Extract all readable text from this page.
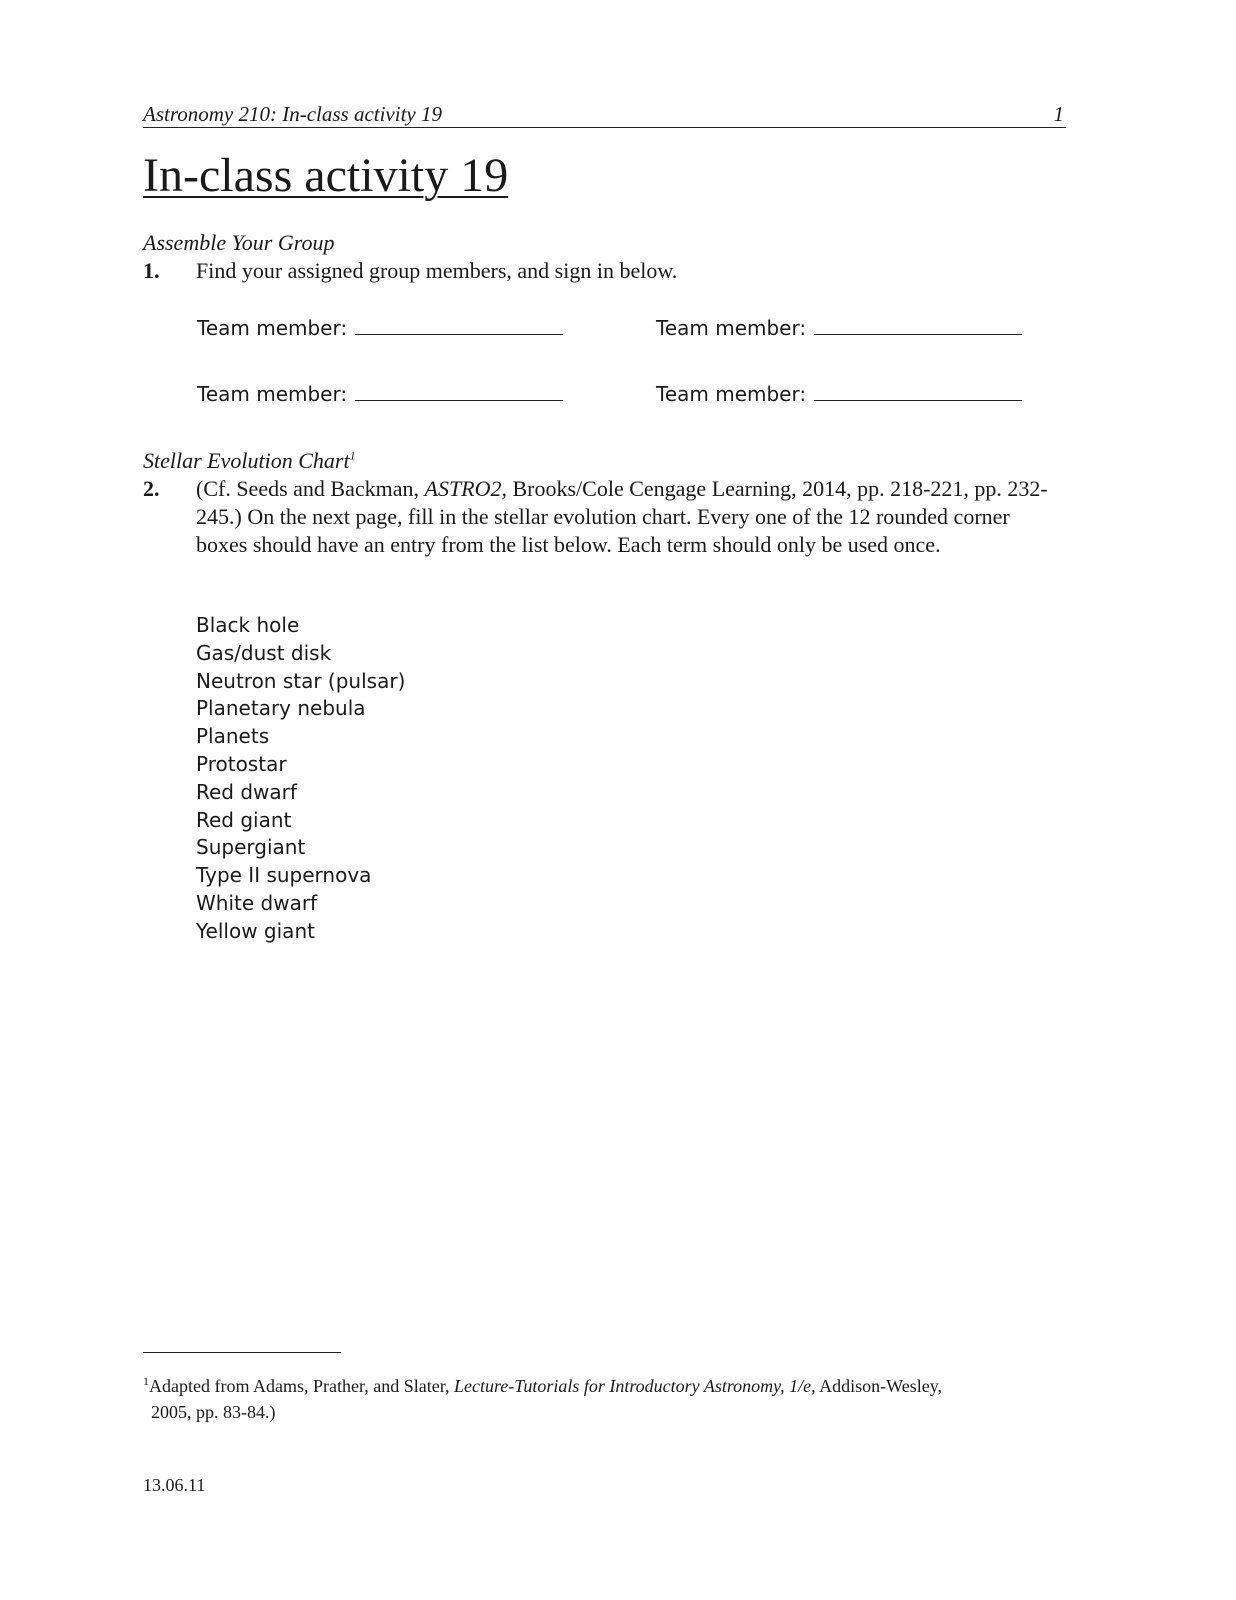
Astronomy 210: In-class activity 19	1
In-class activity 19
Assemble Your Group
1. Find your assigned group members, and sign in below.
Team member:	Team member:
Team member:	Team member:
Stellar Evolution Chart$^1$
2. (Cf. Seeds and Backman, ASTRO2, Brooks/Cole Cengage Learning, 2014, pp. 218-221, pp. 232-245.) On the next page, fill in the stellar evolution chart. Every one of the 12 rounded corner boxes should have an entry from the list below. Each term should only be used once.
Black hole
Gas/dust disk
Neutron star (pulsar)
Planetary nebula
Planets
Protostar
Red dwarf
Red giant
Supergiant
Type II supernova
White dwarf
Yellow giant
$^1$Adapted from Adams, Prather, and Slater, Lecture-Tutorials for Introductory Astronomy, 1/e, Addison-Wesley,
2005, pp. 83-84.)
13.06.11
